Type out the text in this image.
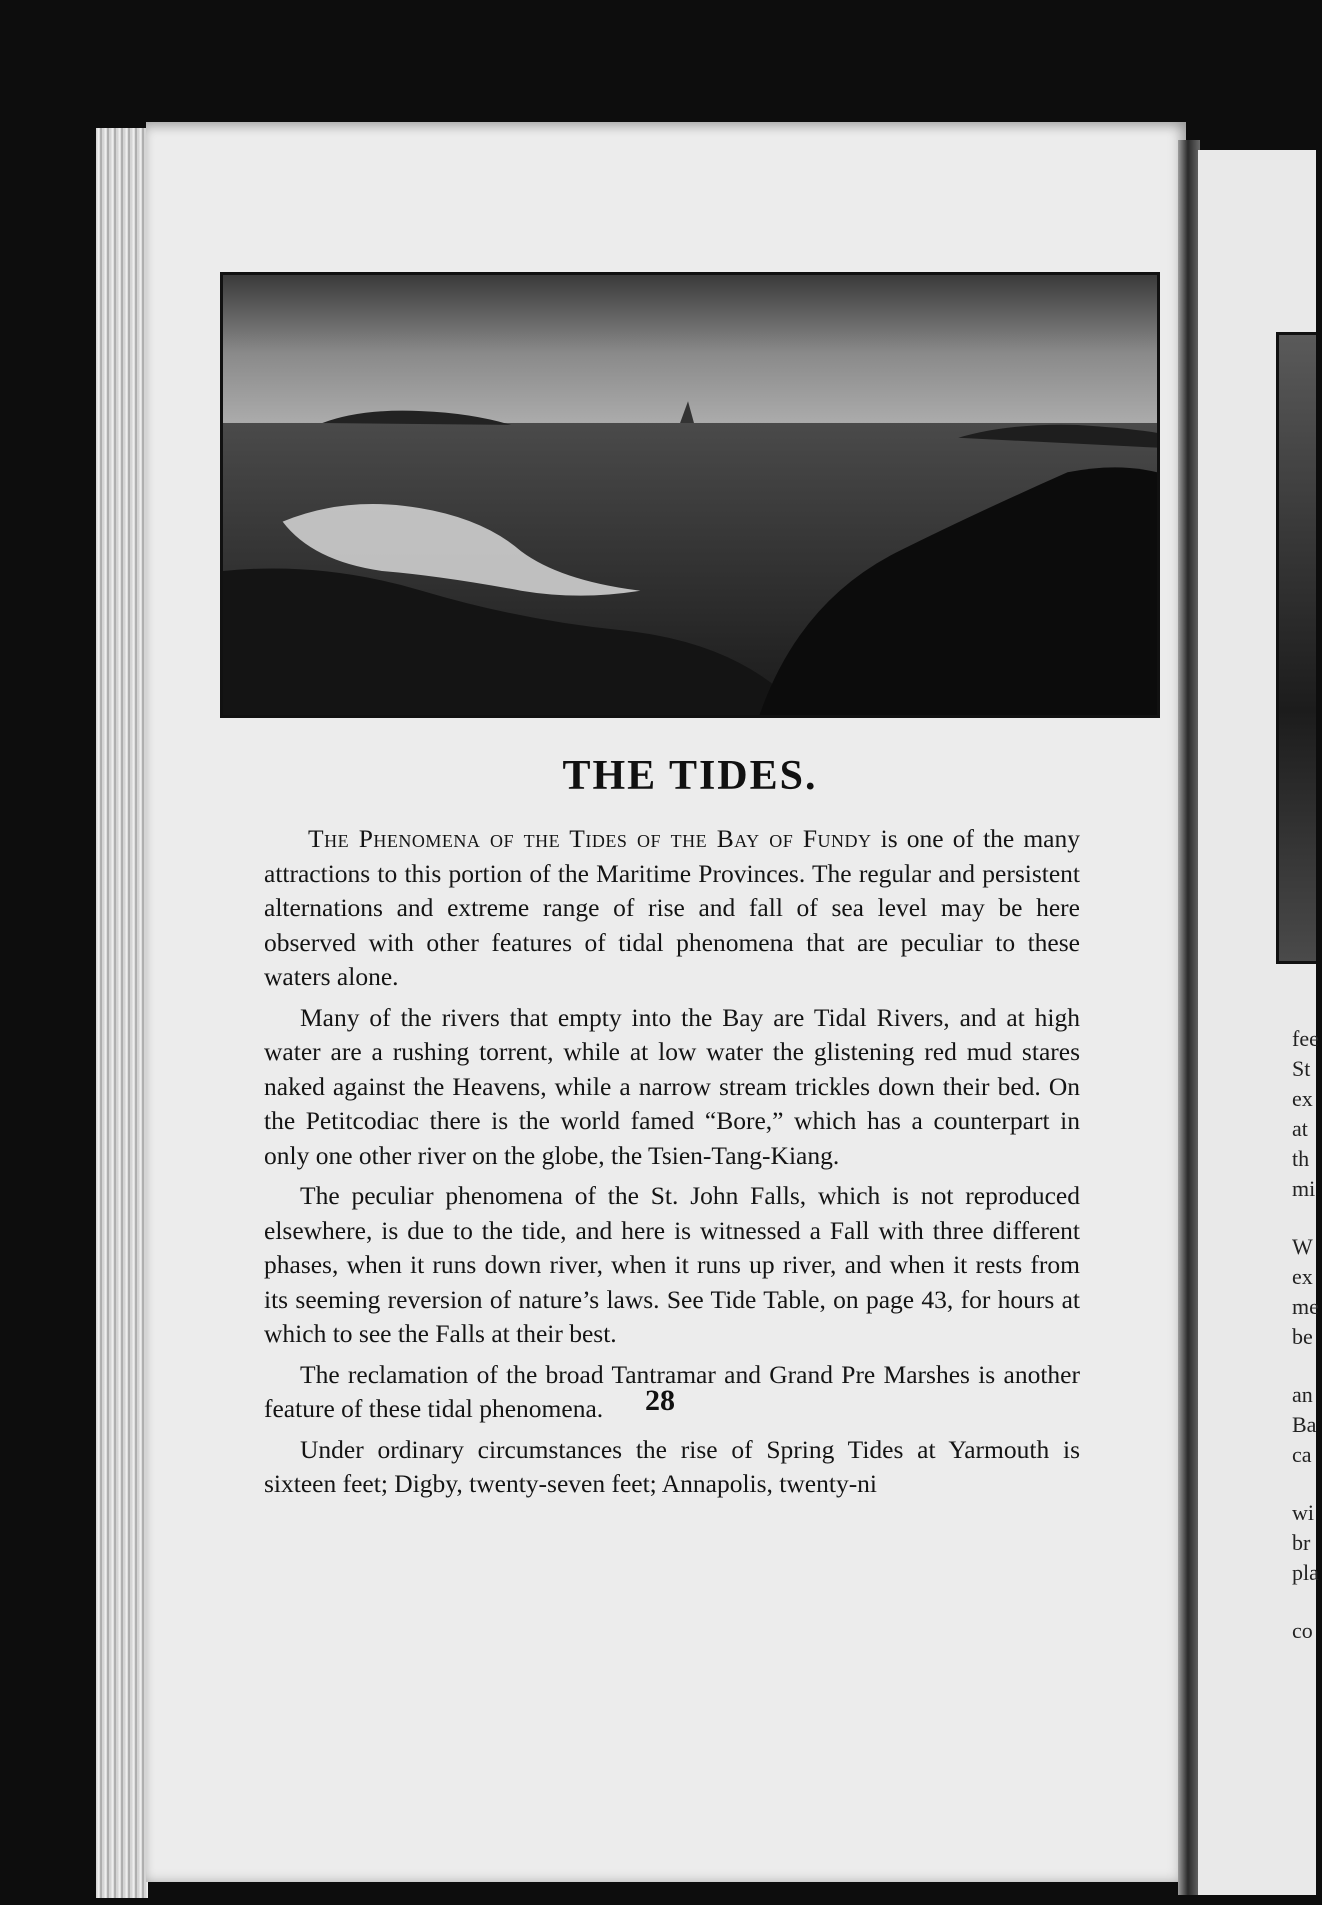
THE TIDES.

The Phenomena of the Tides of the Bay of Fundy is one of the many attractions to this portion of the Maritime Provinces. The regular and persistent alternations and extreme range of rise and fall of sea level may be here observed with other features of tidal phenomena that are peculiar to these waters alone.

Many of the rivers that empty into the Bay are Tidal Rivers, and at high water are a rushing torrent, while at low water the glistening red mud stares naked against the Heavens, while a narrow stream trickles down their bed. On the Petitcodiac there is the world famed “Bore,” which has a counterpart in only one other river on the globe, the Tsien-Tang-Kiang.

The peculiar phenomena of the St. John Falls, which is not reproduced elsewhere, is due to the tide, and here is witnessed a Fall with three different phases, when it runs down river, when it runs up river, and when it rests from its seeming reversion of nature’s laws. See Tide Table, on page 43, for hours at which to see the Falls at their best.

The reclamation of the broad Tantramar and Grand Pre Marshes is another feature of these tidal phenomena.

Under ordinary circumstances the rise of Spring Tides at Yarmouth is sixteen feet; Digby, twenty-seven feet; Annapolis, twenty-ni

28
fee
St
ex
at
th
mi
W
ex
me
be
an
Ba
ca
wi
br
pla
co
